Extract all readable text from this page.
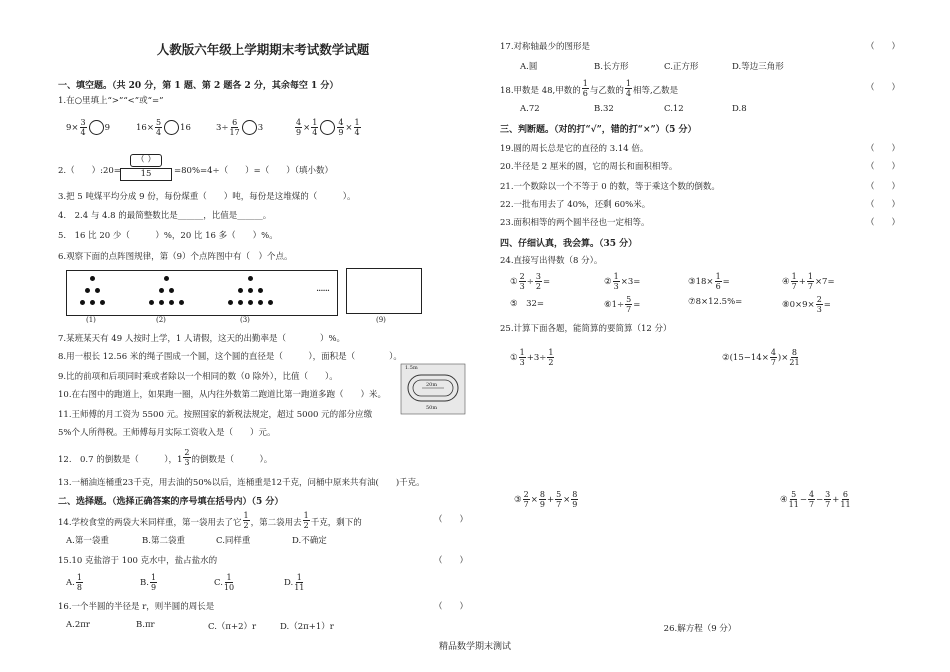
人教版六年级上学期期末考试数学试题
一、填空题。（共 20 分，第 1 题、第 2 题各 2 分，其余每空 1 分）
1.在○里填上“>”“<”或“=”
$9\times \frac{3}{4} 9$	$16\times \frac{5}{4} 16$	$3\div \frac{6}{17} 3$	$\frac{4}{9} \times \frac{1}{4} \frac{4}{9} \times \frac{1}{4}$
2.（　　）:20=
（ ）
15	=80%=4÷（　　）=（　　）（填小数）
3.把 5 吨煤平均分成 9 份，每份煤重（　　）吨，每份是这堆煤的（　　　）。
4.　2.4 与 4.8 的最简整数比是______，比值是______。
5.　16 比 20 少（　　　）%，20 比 16 多（　　）%。
6.观察下面的点阵图规律，第（9）个点阵图中有（　）个点。
(1)	(2)	(3)	(9)
······
7.某班某天有 49 人按时上学，1 人请假，这天的出勤率是（　　　　）%。
8.用一根长 12.56 米的绳子围成一个圆，这个圆的直径是（　　　），面积是（　　　　）。
9.比的前项和后项同时乘或者除以一个相同的数（0 除外），比值（　　）。
10.在右图中的跑道上，如果跑一圈，从内往外数第二跑道比第一跑道多跑（　　）米。
1.5m
20m
50m
11.王师傅的月工资为 5500 元。按照国家的新税法规定，超过 5000 元的部分应缴
5%个人所得税。王师傅每月实际工资收入是（　　）元。
12.　0.7 的倒数是（　　　），$1 \frac{2}{3}$ 的倒数是（　　　）。
13.一桶油连桶重23千克，用去油的50%以后，连桶重是12千克，问桶中原来共有油(　　)千克。
二、选择题。（选择正确答案的序号填在括号内）（5 分）
14.学校食堂的两袋大米同样重，第一袋用去了它 $\frac{1}{2}$ ，第二袋用去 $\frac{1}{2}$ 千克，剩下的	（　　）
A.第一袋重	B.第二袋重	C.同样重	D.不确定
15.10 克盐溶于 100 克水中，盐占盐水的	（　　）
A. $\frac{1}{8}$	B. $\frac{1}{9}$	C. $\frac{1}{10}$	D. $\frac{1}{11}$
16.一个半圆的半径是 r，则半圆的周长是	（　　）
A.2πr	B.πr	C.（π+2）r	D.（2π+1）r
17.对称轴最少的图形是	（　　）
A.圆	B.长方形	C.正方形	D.等边三角形
18.甲数是 48,甲数的 $\frac{1}{6}$ 与乙数的 $\frac{1}{4}$ 相等,乙数是	（　　）
A.72	B.32	C.12	D.8
三、判断题。（对的打“√”，错的打“×”）（5 分）
19.圆的周长总是它的直径的 3.14 倍。	（　　）
20.半径是 2 厘米的圆，它的周长和面积相等。	（　　）
21.一个数除以一个不等于 0 的数，等于乘这个数的倒数。	（　　）
22.一批布用去了 40%，还剩 60%米。	（　　）
23.面积相等的两个圆半径也一定相等。	（　　）
四、仔细认真，我会算。（35 分）
24.直接写出得数（8 分）。
① $\frac{2}{3} \div \frac{3}{2}$ =	② $\frac{1}{3} \times 3=$	③18× $\frac{1}{6}$ =	④ $\frac{1}{7} + \frac{1}{7} \times 7=$
⑤　32=	⑥1÷ $\frac{5}{7}$ =	⑦8×12.5%=	⑧0×9× $\frac{2}{3}$ =
25.计算下面各题，能简算的要简算（12 分）
① $\frac{1}{3} +3\div \frac{1}{2}$	②(15−14× $\frac{4}{7}$ )× $\frac{8}{21}$
③ $\frac{2}{7} \times \frac{8}{9} + \frac{5}{7} \times \frac{8}{9}$	④ $\frac{5}{11} - \frac{4}{7} - \frac{3}{7} + \frac{6}{11}$
26.解方程（9 分）
精品数学期末测试
